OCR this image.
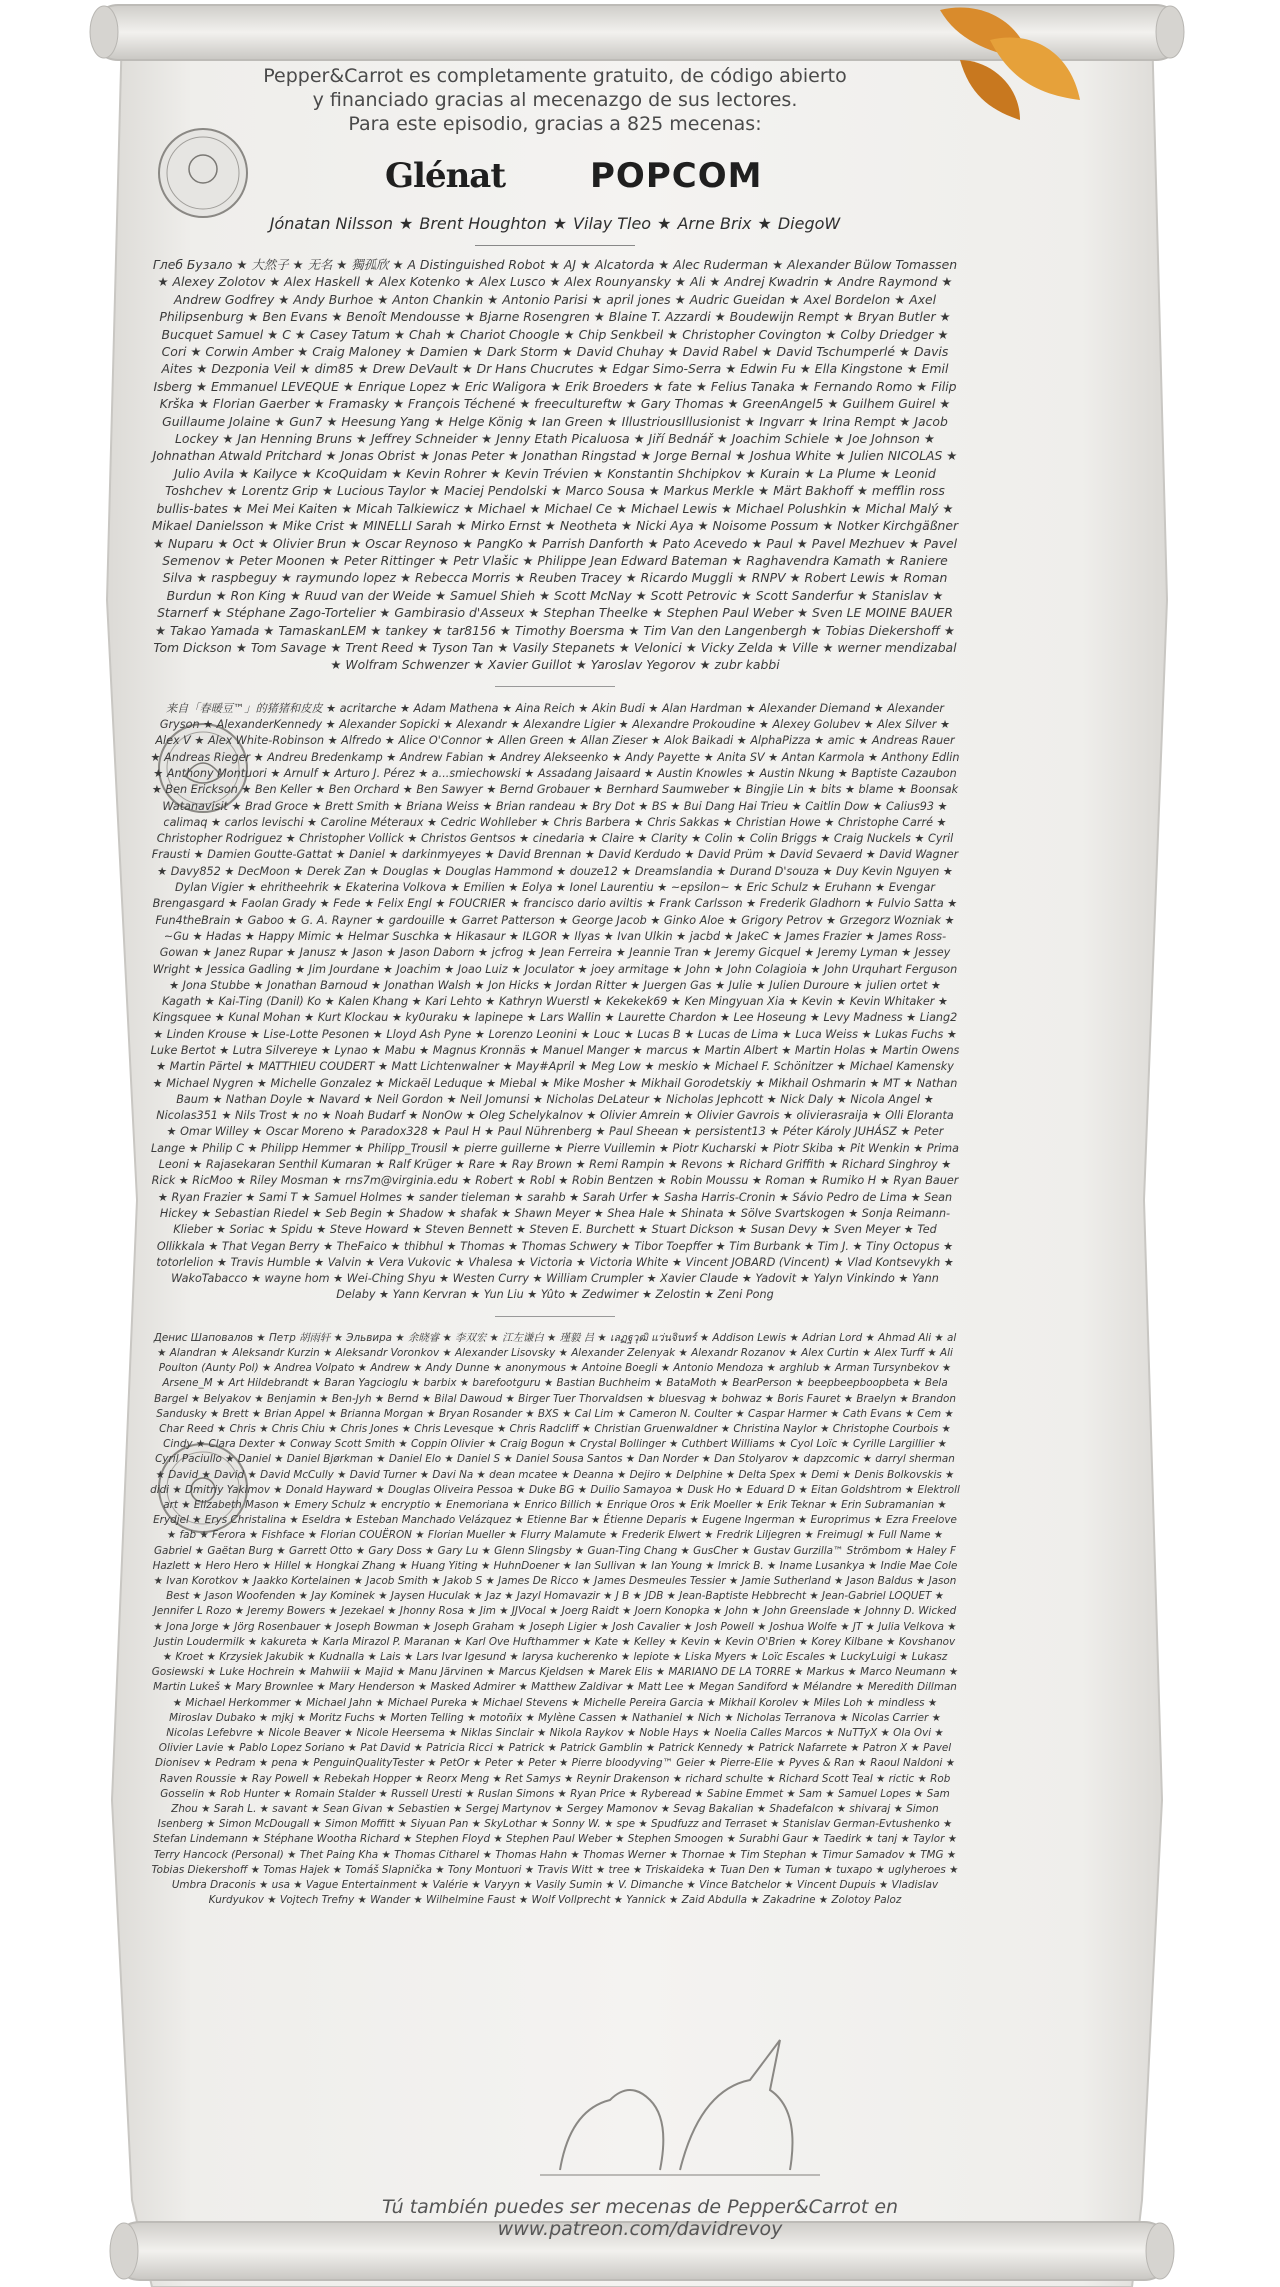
Pepper&Carrot es completamente gratuito, de código abierto
y financiado gracias al mecenazgo de sus lectores.
Para este episodio, gracias a 825 mecenas:
Glénat POPCOM
Jónatan Nilsson ★ Brent Houghton ★ Vilay Tleo ★ Arne Brix ★ DiegoW

Глеб Бузало ★ 大然子 ★ 无名 ★ 獨孤欣 ★ A Distinguished Robot ★ AJ ★ Alcatorda ★ Alec Ruderman ★ Alexander Bülow Tomassen ★ Alexey Zolotov ★ Alex Haskell ★ Alex Kotenko ★ Alex Lusco ★ Alex Rounyansky ★ Ali ★ Andrej Kwadrin ★ Andre Raymond ★ Andrew Godfrey ★ Andy Burhoe ★ Anton Chankin ★ Antonio Parisi ★ april jones ★ Audric Gueidan ★ Axel Bordelon ★ Axel Philipsenburg ★ Ben Evans ★ Benoît Mendousse ★ Bjarne Rosengren ★ Blaine T. Azzardi ★ Boudewijn Rempt ★ Bryan Butler ★ Bucquet Samuel ★ C ★ Casey Tatum ★ Chah ★ Chariot Choogle ★ Chip Senkbeil ★ Christopher Covington ★ Colby Driedger ★ Cori ★ Corwin Amber ★ Craig Maloney ★ Damien ★ Dark Storm ★ David Chuhay ★ David Rabel ★ David Tschumperlé ★ Davis Aites ★ Dezponia Veil ★ dim85 ★ Drew DeVault ★ Dr Hans Chucrutes ★ Edgar Simo-Serra ★ Edwin Fu ★ Ella Kingstone ★ Emil Isberg ★ Emmanuel LEVEQUE ★ Enrique Lopez ★ Eric Waligora ★ Erik Broeders ★ fate ★ Felius Tanaka ★ Fernando Romo ★ Filip Krška ★ Florian Gaerber ★ Framasky ★ François Téchené ★ freecultureftw ★ Gary Thomas ★ GreenAngel5 ★ Guilhem Guirel ★ Guillaume Jolaine ★ Gun7 ★ Heesung Yang ★ Helge König ★ Ian Green ★ IllustriousIllusionist ★ Ingvarr ★ Irina Rempt ★ Jacob Lockey ★ Jan Henning Bruns ★ Jeffrey Schneider ★ Jenny Etath Picaluosa ★ Jiří Bednář ★ Joachim Schiele ★ Joe Johnson ★ Johnathan Atwald Pritchard ★ Jonas Obrist ★ Jonas Peter ★ Jonathan Ringstad ★ Jorge Bernal ★ Joshua White ★ Julien NICOLAS ★ Julio Avila ★ Kailyce ★ KcoQuidam ★ Kevin Rohrer ★ Kevin Trévien ★ Konstantin Shchipkov ★ Kurain ★ La Plume ★ Leonid Toshchev ★ Lorentz Grip ★ Lucious Taylor ★ Maciej Pendolski ★ Marco Sousa ★ Markus Merkle ★ Märt Bakhoff ★ mefflin ross bullis-bates ★ Mei Mei Kaiten ★ Micah Talkiewicz ★ Michael ★ Michael Ce ★ Michael Lewis ★ Michael Polushkin ★ Michal Malý ★ Mikael Danielsson ★ Mike Crist ★ MINELLI Sarah ★ Mirko Ernst ★ Neotheta ★ Nicki Aya ★ Noisome Possum ★ Notker Kirchgäßner ★ Nuparu ★ Oct ★ Olivier Brun ★ Oscar Reynoso ★ PangKo ★ Parrish Danforth ★ Pato Acevedo ★ Paul ★ Pavel Mezhuev ★ Pavel Semenov ★ Peter Moonen ★ Peter Rittinger ★ Petr Vlašic ★ Philippe Jean Edward Bateman ★ Raghavendra Kamath ★ Raniere Silva ★ raspbeguy ★ raymundo lopez ★ Rebecca Morris ★ Reuben Tracey ★ Ricardo Muggli ★ RNPV ★ Robert Lewis ★ Roman Burdun ★ Ron King ★ Ruud van der Weide ★ Samuel Shieh ★ Scott McNay ★ Scott Petrovic ★ Scott Sanderfur ★ Stanislav ★ Starnerf ★ Stéphane Zago-Tortelier ★ Gambirasio d'Asseux ★ Stephan Theelke ★ Stephen Paul Weber ★ Sven LE MOINE BAUER ★ Takao Yamada ★ TamaskanLEM ★ tankey ★ tar8156 ★ Timothy Boersma ★ Tim Van den Langenbergh ★ Tobias Diekershoff ★ Tom Dickson ★ Tom Savage ★ Trent Reed ★ Tyson Tan ★ Vasily Stepanets ★ Velonici ★ Vicky Zelda ★ Ville ★ werner mendizabal ★ Wolfram Schwenzer ★ Xavier Guillot ★ Yaroslav Yegorov ★ zubr kabbi

来自「春暖豆™」的猪猪和皮皮 ★ acritarche ★ Adam Mathena ★ Aina Reich ★ Akin Budi ★ Alan Hardman ★ Alexander Diemand ★ Alexander Gryson ★ AlexanderKennedy ★ Alexander Sopicki ★ Alexandr ★ Alexandre Ligier ★ Alexandre Prokoudine ★ Alexey Golubev ★ Alex Silver ★ Alex V ★ Alex White-Robinson ★ Alfredo ★ Alice O'Connor ★ Allen Green ★ Allan Zieser ★ Alok Baikadi ★ AlphaPizza ★ amic ★ Andreas Rauer ★ Andreas Rieger ★ Andreu Bredenkamp ★ Andrew Fabian ★ Andrey Alekseenko ★ Andy Payette ★ Anita SV ★ Antan Karmola ★ Anthony Edlin ★ Anthony Montuori ★ Arnulf ★ Arturo J. Pérez ★ a...smiechowski ★ Assadang Jaisaard ★ Austin Knowles ★ Austin Nkung ★ Baptiste Cazaubon ★ Ben Erickson ★ Ben Keller ★ Ben Orchard ★ Ben Sawyer ★ Bernd Grobauer ★ Bernhard Saumweber ★ Bingjie Lin ★ bits ★ blame ★ Boonsak Watanavisit ★ Brad Groce ★ Brett Smith ★ Briana Weiss ★ Brian randeau ★ Bry Dot ★ BS ★ Bui Dang Hai Trieu ★ Caitlin Dow ★ Calius93 ★ calimaq ★ carlos levischi ★ Caroline Méteraux ★ Cedric Wohlleber ★ Chris Barbera ★ Chris Sakkas ★ Christian Howe ★ Christophe Carré ★ Christopher Rodriguez ★ Christopher Vollick ★ Christos Gentsos ★ cinedaria ★ Claire ★ Clarity ★ Colin ★ Colin Briggs ★ Craig Nuckels ★ Cyril Frausti ★ Damien Goutte-Gattat ★ Daniel ★ darkinmyeyes ★ David Brennan ★ David Kerdudo ★ David Prüm ★ David Sevaerd ★ David Wagner ★ Davy852 ★ DecMoon ★ Derek Zan ★ Douglas ★ Douglas Hammond ★ douze12 ★ Dreamslandia ★ Durand D'souza ★ Duy Kevin Nguyen ★ Dylan Vigier ★ ehritheehrik ★ Ekaterina Volkova ★ Emilien ★ Eolya ★ Ionel Laurentiu ★ ~epsilon~ ★ Eric Schulz ★ Eruhann ★ Evengar Brengasgard ★ Faolan Grady ★ Fede ★ Felix Engl ★ FOUCRIER ★ francisco dario aviltis ★ Frank Carlsson ★ Frederik Gladhorn ★ Fulvio Satta ★ Fun4theBrain ★ Gaboo ★ G. A. Rayner ★ gardouille ★ Garret Patterson ★ George Jacob ★ Ginko Aloe ★ Grigory Petrov ★ Grzegorz Wozniak ★ ~Gu ★ Hadas ★ Happy Mimic ★ Helmar Suschka ★ Hikasaur ★ ILGOR ★ Ilyas ★ Ivan Ulkin ★ jacbd ★ JakeC ★ James Frazier ★ James Ross-Gowan ★ Janez Rupar ★ Janusz ★ Jason ★ Jason Daborn ★ jcfrog ★ Jean Ferreira ★ Jeannie Tran ★ Jeremy Gicquel ★ Jeremy Lyman ★ Jessey Wright ★ Jessica Gadling ★ Jim Jourdane ★ Joachim ★ Joao Luiz ★ Joculator ★ joey armitage ★ John ★ John Colagioia ★ John Urquhart Ferguson ★ Jona Stubbe ★ Jonathan Barnoud ★ Jonathan Walsh ★ Jon Hicks ★ Jordan Ritter ★ Juergen Gas ★ Julie ★ Julien Duroure ★ julien ortet ★ Kagath ★ Kai-Ting (Danil) Ko ★ Kalen Khang ★ Kari Lehto ★ Kathryn Wuerstl ★ Kekekek69 ★ Ken Mingyuan Xia ★ Kevin ★ Kevin Whitaker ★ Kingsquee ★ Kunal Mohan ★ Kurt Klockau ★ ky0uraku ★ lapinepe ★ Lars Wallin ★ Laurette Chardon ★ Lee Hoseung ★ Levy Madness ★ Liang2 ★ Linden Krouse ★ Lise-Lotte Pesonen ★ Lloyd Ash Pyne ★ Lorenzo Leonini ★ Louc ★ Lucas B ★ Lucas de Lima ★ Luca Weiss ★ Lukas Fuchs ★ Luke Bertot ★ Lutra Silvereye ★ Lynao ★ Mabu ★ Magnus Kronnäs ★ Manuel Manger ★ marcus ★ Martin Albert ★ Martin Holas ★ Martin Owens ★ Martin Pärtel ★ MATTHIEU COUDERT ★ Matt Lichtenwalner ★ May#April ★ Meg Low ★ meskio ★ Michael F. Schönitzer ★ Michael Kamensky ★ Michael Nygren ★ Michelle Gonzalez ★ Mickaël Leduque ★ Miebal ★ Mike Mosher ★ Mikhail Gorodetskiy ★ Mikhail Oshmarin ★ MT ★ Nathan Baum ★ Nathan Doyle ★ Navard ★ Neil Gordon ★ Neil Jomunsi ★ Nicholas DeLateur ★ Nicholas Jephcott ★ Nick Daly ★ Nicola Angel ★ Nicolas351 ★ Nils Trost ★ no ★ Noah Budarf ★ NonOw ★ Oleg Schelykalnov ★ Olivier Amrein ★ Olivier Gavrois ★ olivierasraija ★ Olli Eloranta ★ Omar Willey ★ Oscar Moreno ★ Paradox328 ★ Paul H ★ Paul Nührenberg ★ Paul Sheean ★ persistent13 ★ Péter Károly JUHÁSZ ★ Peter Lange ★ Philip C ★ Philipp Hemmer ★ Philipp_Trousil ★ pierre guillerne ★ Pierre Vuillemin ★ Piotr Kucharski ★ Piotr Skiba ★ Pit Wenkin ★ Prima Leoni ★ Rajasekaran Senthil Kumaran ★ Ralf Krüger ★ Rare ★ Ray Brown ★ Remi Rampin ★ Revons ★ Richard Griffith ★ Richard Singhroy ★ Rick ★ RicMoo ★ Riley Mosman ★ rns7m@virginia.edu ★ Robert ★ Robl ★ Robin Bentzen ★ Robin Moussu ★ Roman ★ Rumiko H ★ Ryan Bauer ★ Ryan Frazier ★ Sami T ★ Samuel Holmes ★ sander tieleman ★ sarahb ★ Sarah Urfer ★ Sasha Harris-Cronin ★ Sávio Pedro de Lima ★ Sean Hickey ★ Sebastian Riedel ★ Seb Begin ★ Shadow ★ shafak ★ Shawn Meyer ★ Shea Hale ★ Shinata ★ Sölve Svartskogen ★ Sonja Reimann-Klieber ★ Soriac ★ Spidu ★ Steve Howard ★ Steven Bennett ★ Steven E. Burchett ★ Stuart Dickson ★ Susan Devy ★ Sven Meyer ★ Ted Ollikkala ★ That Vegan Berry ★ TheFaico ★ thibhul ★ Thomas ★ Thomas Schwery ★ Tibor Toepffer ★ Tim Burbank ★ Tim J. ★ Tiny Octopus ★ totorlelion ★ Travis Humble ★ Valvin ★ Vera Vukovic ★ Vhalesa ★ Victoria ★ Victoria White ★ Vincent JOBARD (Vincent) ★ Vlad Kontsevykh ★ WakoTabacco ★ wayne hom ★ Wei-Ching Shyu ★ Westen Curry ★ William Crumpler ★ Xavier Claude ★ Yadovit ★ Yalyn Vinkindo ★ Yann Delaby ★ Yann Kervran ★ Yun Liu ★ Yûto ★ Zedwimer ★ Zelostin ★ Zeni Pong

Денис Шаповалов ★ Петр 胡雨轩 ★ Эльвира ★ 余晓睿 ★ 李双宏 ★ 江左谦白 ★ 瑾毅 吕 ★ เลฏฐวุฒิ แว่นจินทร์ ★ Addison Lewis ★ Adrian Lord ★ Ahmad Ali ★ al ★ Alandran ★ Aleksandr Kurzin ★ Aleksandr Voronkov ★ Alexander Lisovsky ★ Alexander Zelenyak ★ Alexandr Rozanov ★ Alex Curtin ★ Alex Turff ★ Ali Poulton (Aunty Pol) ★ Andrea Volpato ★ Andrew ★ Andy Dunne ★ anonymous ★ Antoine Boegli ★ Antonio Mendoza ★ arghlub ★ Arman Tursynbekov ★ Arsene_M ★ Art Hildebrandt ★ Baran Yagcioglu ★ barbix ★ barefootguru ★ Bastian Buchheim ★ BataMoth ★ BearPerson ★ beepbeepboopbeta ★ Bela Bargel ★ Belyakov ★ Benjamin ★ Ben-Jyh ★ Bernd ★ Bilal Dawoud ★ Birger Tuer Thorvaldsen ★ bluesvag ★ bohwaz ★ Boris Fauret ★ Braelyn ★ Brandon Sandusky ★ Brett ★ Brian Appel ★ Brianna Morgan ★ Bryan Rosander ★ BXS ★ Cal Lim ★ Cameron N. Coulter ★ Caspar Harmer ★ Cath Evans ★ Cem ★ Char Reed ★ Chris ★ Chris Chiu ★ Chris Jones ★ Chris Levesque ★ Chris Radcliff ★ Christian Gruenwaldner ★ Christina Naylor ★ Christophe Courbois ★ Cindy ★ Clara Dexter ★ Conway Scott Smith ★ Coppin Olivier ★ Craig Bogun ★ Crystal Bollinger ★ Cuthbert Williams ★ Cyol Loïc ★ Cyrille Largillier ★ Cyril Paciullo ★ Daniel ★ Daniel Bjørkman ★ Daniel Elo ★ Daniel S ★ Daniel Sousa Santos ★ Dan Norder ★ Dan Stolyarov ★ dapzcomic ★ darryl sherman ★ David ★ David ★ David McCully ★ David Turner ★ Davi Na ★ dean mcatee ★ Deanna ★ Dejiro ★ Delphine ★ Delta Spex ★ Demi ★ Denis Bolkovskis ★ didi ★ Dmitriy Yakimov ★ Donald Hayward ★ Douglas Oliveira Pessoa ★ Duke BG ★ Duilio Samayoa ★ Dusk Ho ★ Eduard D ★ Eitan Goldshtrom ★ Elektroll art ★ Elizabeth Mason ★ Emery Schulz ★ encryptio ★ Enemoriana ★ Enrico Billich ★ Enrique Oros ★ Erik Moeller ★ Erik Teknar ★ Erin Subramanian ★ Erydjel ★ Erys Christalina ★ Eseldra ★ Esteban Manchado Velázquez ★ Etienne Bar ★ Étienne Deparis ★ Eugene Ingerman ★ Europrimus ★ Ezra Freelove ★ fab ★ Ferora ★ Fishface ★ Florian COUËRON ★ Florian Mueller ★ Flurry Malamute ★ Frederik Elwert ★ Fredrik Liljegren ★ Freimugl ★ Full Name ★ Gabriel ★ Gaëtan Burg ★ Garrett Otto ★ Gary Doss ★ Gary Lu ★ Glenn Slingsby ★ Guan-Ting Chang ★ GusCher ★ Gustav Gurzilla™ Strömbom ★ Haley F Hazlett ★ Hero Hero ★ Hillel ★ Hongkai Zhang ★ Huang Yiting ★ HuhnDoener ★ Ian Sullivan ★ Ian Young ★ Imrick B. ★ Iname Lusankya ★ Indie Mae Cole ★ Ivan Korotkov ★ Jaakko Kortelainen ★ Jacob Smith ★ Jakob S ★ James De Ricco ★ James Desmeules Tessier ★ Jamie Sutherland ★ Jason Baldus ★ Jason Best ★ Jason Woofenden ★ Jay Kominek ★ Jaysen Huculak ★ Jaz ★ Jazyl Homavazir ★ J B ★ JDB ★ Jean-Baptiste Hebbrecht ★ Jean-Gabriel LOQUET ★ Jennifer L Rozo ★ Jeremy Bowers ★ Jezekael ★ Jhonny Rosa ★ Jim ★ JJVocal ★ Joerg Raidt ★ Joern Konopka ★ John ★ John Greenslade ★ Johnny D. Wicked ★ Jona Jorge ★ Jörg Rosenbauer ★ Joseph Bowman ★ Joseph Graham ★ Joseph Ligier ★ Josh Cavalier ★ Josh Powell ★ Joshua Wolfe ★ JT ★ Julia Velkova ★ Justin Loudermilk ★ kakureta ★ Karla Mirazol P. Maranan ★ Karl Ove Hufthammer ★ Kate ★ Kelley ★ Kevin ★ Kevin O'Brien ★ Korey Kilbane ★ Kovshanov ★ Kroet ★ Krzysiek Jakubik ★ Kudnalla ★ Lais ★ Lars Ivar Igesund ★ larysa kucherenko ★ lepiote ★ Liska Myers ★ Loïc Escales ★ LuckyLuigi ★ Lukasz Gosiewski ★ Luke Hochrein ★ Mahwiii ★ Majid ★ Manu Järvinen ★ Marcus Kjeldsen ★ Marek Elis ★ MARIANO DE LA TORRE ★ Markus ★ Marco Neumann ★ Martin Lukeš ★ Mary Brownlee ★ Mary Henderson ★ Masked Admirer ★ Matthew Zaldivar ★ Matt Lee ★ Megan Sandiford ★ Mélandre ★ Meredith Dillman ★ Michael Herkommer ★ Michael Jahn ★ Michael Pureka ★ Michael Stevens ★ Michelle Pereira Garcia ★ Mikhail Korolev ★ Miles Loh ★ mindless ★ Miroslav Dubako ★ mjkj ★ Moritz Fuchs ★ Morten Telling ★ motoñix ★ Mylène Cassen ★ Nathaniel ★ Nich ★ Nicholas Terranova ★ Nicolas Carrier ★ Nicolas Lefebvre ★ Nicole Beaver ★ Nicole Heersema ★ Niklas Sinclair ★ Nikola Raykov ★ Noble Hays ★ Noelia Calles Marcos ★ NuTTyX ★ Ola Ovi ★ Olivier Lavie ★ Pablo Lopez Soriano ★ Pat David ★ Patricia Ricci ★ Patrick ★ Patrick Gamblin ★ Patrick Kennedy ★ Patrick Nafarrete ★ Patron X ★ Pavel Dionisev ★ Pedram ★ pena ★ PenguinQualityTester ★ PetOr ★ Peter ★ Peter ★ Pierre bloodyving™ Geier ★ Pierre-Elie ★ Pyves & Ran ★ Raoul Naldoni ★ Raven Roussie ★ Ray Powell ★ Rebekah Hopper ★ Reorx Meng ★ Ret Samys ★ Reynir Drakenson ★ richard schulte ★ Richard Scott Teal ★ rictic ★ Rob Gosselin ★ Rob Hunter ★ Romain Stalder ★ Russell Uresti ★ Ruslan Simons ★ Ryan Price ★ Ryberead ★ Sabine Emmet ★ Sam ★ Samuel Lopes ★ Sam Zhou ★ Sarah L. ★ savant ★ Sean Givan ★ Sebastien ★ Sergej Martynov ★ Sergey Mamonov ★ Sevag Bakalian ★ Shadefalcon ★ shivaraj ★ Simon Isenberg ★ Simon McDougall ★ Simon Moffitt ★ Siyuan Pan ★ SkyLothar ★ Sonny W. ★ spe ★ Spudfuzz and Terraset ★ Stanislav German-Evtushenko ★ Stefan Lindemann ★ Stéphane Wootha Richard ★ Stephen Floyd ★ Stephen Paul Weber ★ Stephen Smoogen ★ Surabhi Gaur ★ Taedirk ★ tanj ★ Taylor ★ Terry Hancock (Personal) ★ Thet Paing Kha ★ Thomas Citharel ★ Thomas Hahn ★ Thomas Werner ★ Thornae ★ Tim Stephan ★ Timur Samadov ★ TMG ★ Tobias Diekershoff ★ Tomas Hajek ★ Tomáš Slapnička ★ Tony Montuori ★ Travis Witt ★ tree ★ Triskaideka ★ Tuan Den ★ Tuman ★ tuxapo ★ uglyheroes ★ Umbra Draconis ★ usa ★ Vague Entertainment ★ Valérie ★ Varyyn ★ Vasily Sumin ★ V. Dimanche ★ Vince Batchelor ★ Vincent Dupuis ★ Vladislav Kurdyukov ★ Vojtech Trefny ★ Wander ★ Wilhelmine Faust ★ Wolf Vollprecht ★ Yannick ★ Zaid Abdulla ★ Zakadrine ★ Zolotoy Paloz

Tú también puedes ser mecenas de Pepper&Carrot en www.patreon.com/davidrevoy
